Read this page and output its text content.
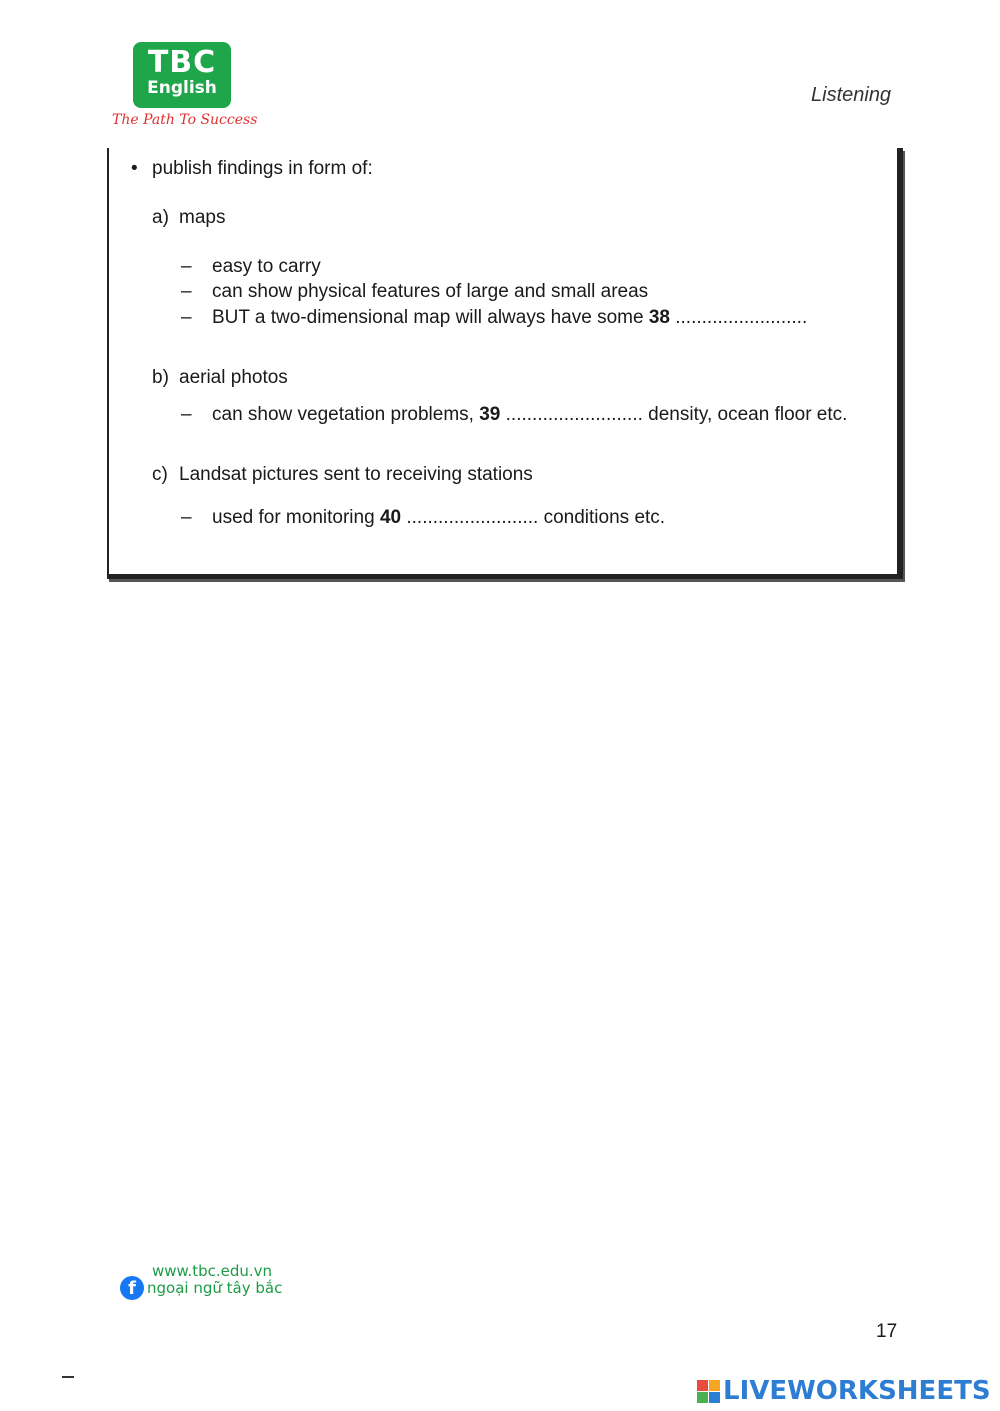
TBC
English
The Path To Success
Listening
• publish findings in form of:
a) maps
– easy to carry
– can show physical features of large and small areas
– BUT a two-dimensional map will always have some 38 .........................
b) aerial photos
– can show vegetation problems, 39 .......................... density, ocean floor etc.
c) Landsat pictures sent to receiving stations
– used for monitoring 40 ......................... conditions etc.
www.tbc.edu.vn
f ngoại ngữ tây bắc
17
LIVEWORKSHEETS
